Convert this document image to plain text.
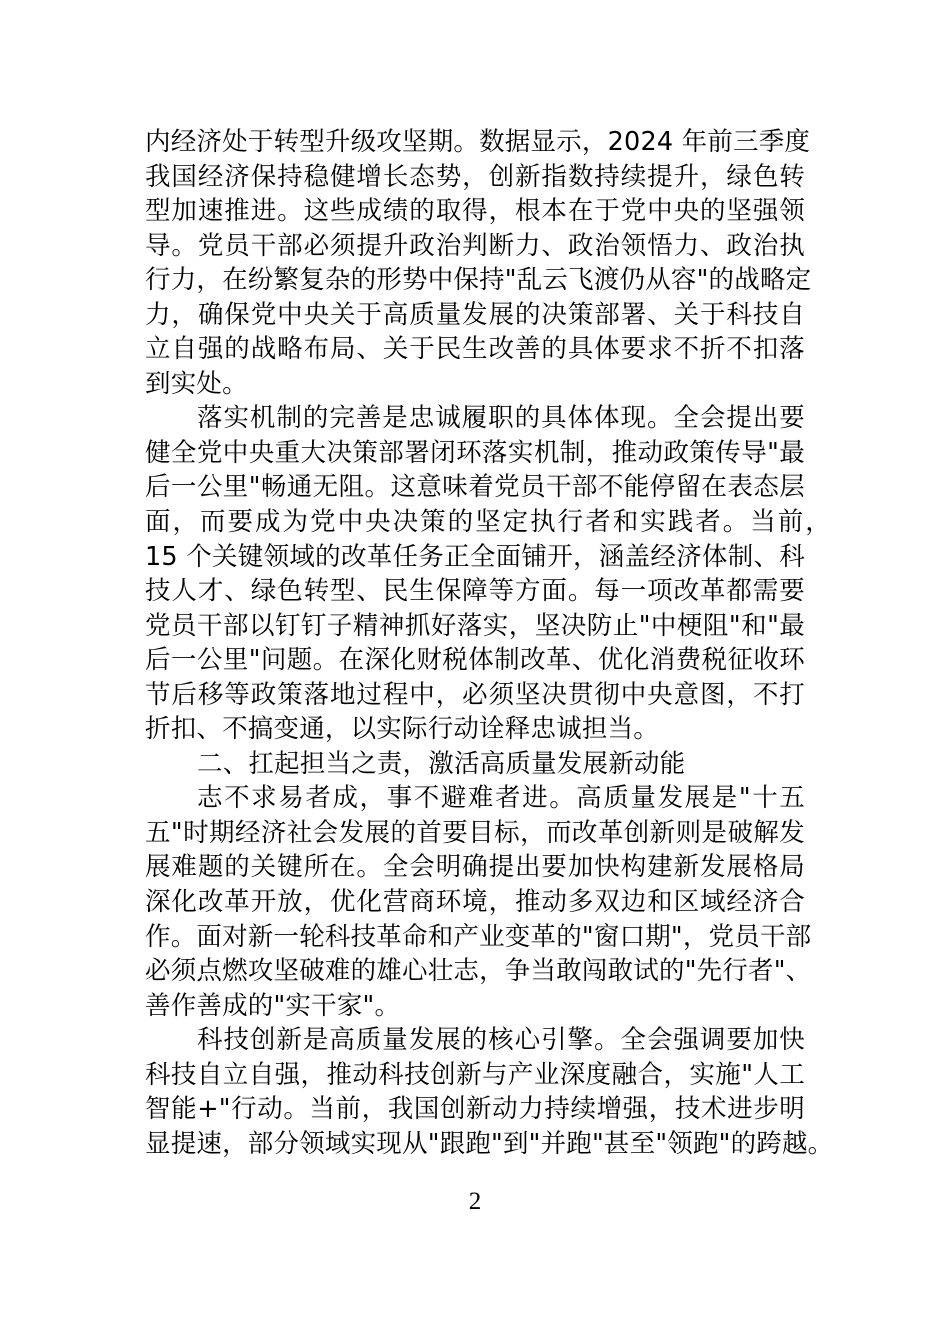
内经济处于转型升级攻坚期。数据显示，2024 年前三季度
我国经济保持稳健增长态势，创新指数持续提升，绿色转
型加速推进。这些成绩的取得，根本在于党中央的坚强领
导。党员干部必须提升政治判断力、政治领悟力、政治执
行力，在纷繁复杂的形势中保持"乱云飞渡仍从容"的战略定
力，确保党中央关于高质量发展的决策部署、关于科技自
立自强的战略布局、关于民生改善的具体要求不折不扣落
到实处。
落实机制的完善是忠诚履职的具体体现。全会提出要
健全党中央重大决策部署闭环落实机制，推动政策传导"最
后一公里"畅通无阻。这意味着党员干部不能停留在表态层
面，而要成为党中央决策的坚定执行者和实践者。当前，
15 个关键领域的改革任务正全面铺开，涵盖经济体制、科
技人才、绿色转型、民生保障等方面。每一项改革都需要
党员干部以钉钉子精神抓好落实，坚决防止"中梗阻"和"最
后一公里"问题。在深化财税体制改革、优化消费税征收环
节后移等政策落地过程中，必须坚决贯彻中央意图，不打
折扣、不搞变通，以实际行动诠释忠诚担当。
二、扛起担当之责，激活高质量发展新动能
志不求易者成，事不避难者进。高质量发展是"十五
五"时期经济社会发展的首要目标，而改革创新则是破解发
展难题的关键所在。全会明确提出要加快构建新发展格局
深化改革开放，优化营商环境，推动多双边和区域经济合
作。面对新一轮科技革命和产业变革的"窗口期"，党员干部
必须点燃攻坚破难的雄心壮志，争当敢闯敢试的"先行者"、
善作善成的"实干家"。
科技创新是高质量发展的核心引擎。全会强调要加快
科技自立自强，推动科技创新与产业深度融合，实施"人工
智能+"行动。当前，我国创新动力持续增强，技术进步明
显提速，部分领域实现从"跟跑"到"并跑"甚至"领跑"的跨越。
2
